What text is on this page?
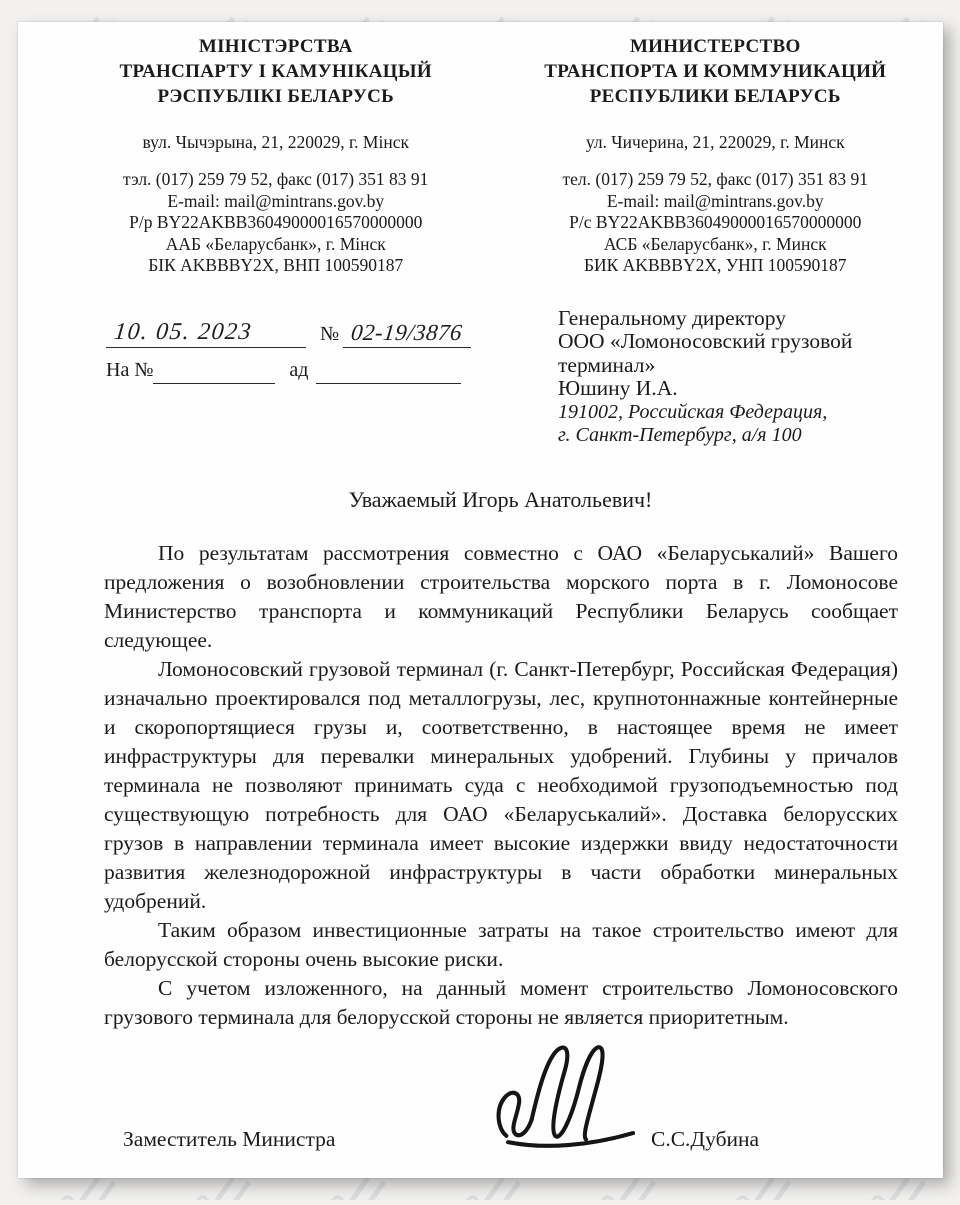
МІНІСТЭРСТВА
ТРАНСПАРТУ І КАМУНІКАЦЫЙ
РЭСПУБЛІКІ БЕЛАРУСЬ
вул. Чычэрына, 21, 220029, г. Мінск
тэл. (017) 259 79 52, факс (017) 351 83 91
E-mail: mail@mintrans.gov.by
Р/р BY22AKBB36049000016570000000
ААБ «Беларусбанк», г. Мінск
БІК AKBBBY2X, ВНП 100590187
МИНИСТЕРСТВО
ТРАНСПОРТА И КОММУНИКАЦИЙ
РЕСПУБЛИКИ БЕЛАРУСЬ
ул. Чичерина, 21, 220029, г. Минск
тел. (017) 259 79 52, факс (017) 351 83 91
E-mail: mail@mintrans.gov.by
Р/с BY22AKBB36049000016570000000
АСБ «Беларусбанк», г. Минск
БИК AKBBBY2X, УНП 100590187
10. 05. 2023	№ 02-19/3876
На №	ад
Генеральному директору
ООО «Ломоносовский грузовой
терминал»
Юшину И.А.
191002, Российская Федерация,
г. Санкт-Петербург, а/я 100
Уважаемый Игорь Анатольевич!

По результатам рассмотрения совместно с ОАО «Беларуськалий» Вашего предложения о возобновлении строительства морского порта в г. Ломоносове Министерство транспорта и коммуникаций Республики Беларусь сообщает следующее.

Ломоносовский грузовой терминал (г. Санкт-Петербург, Российская Федерация) изначально проектировался под металлогрузы, лес, крупнотоннажные контейнерные и скоропортящиеся грузы и, соответственно, в настоящее время не имеет инфраструктуры для перевалки минеральных удобрений. Глубины у причалов терминала не позволяют принимать суда с необходимой грузоподъемностью под существующую потребность для ОАО «Беларуськалий». Доставка белорусских грузов в направлении терминала имеет высокие издержки ввиду недостаточности развития железнодорожной инфраструктуры в части обработки минеральных удобрений.

Таким образом инвестиционные затраты на такое строительство имеют для белорусской стороны очень высокие риски.

С учетом изложенного, на данный момент строительство Ломоносовского грузового терминала для белорусской стороны не является приоритетным.

Заместитель Министра	С.С.Дубина
